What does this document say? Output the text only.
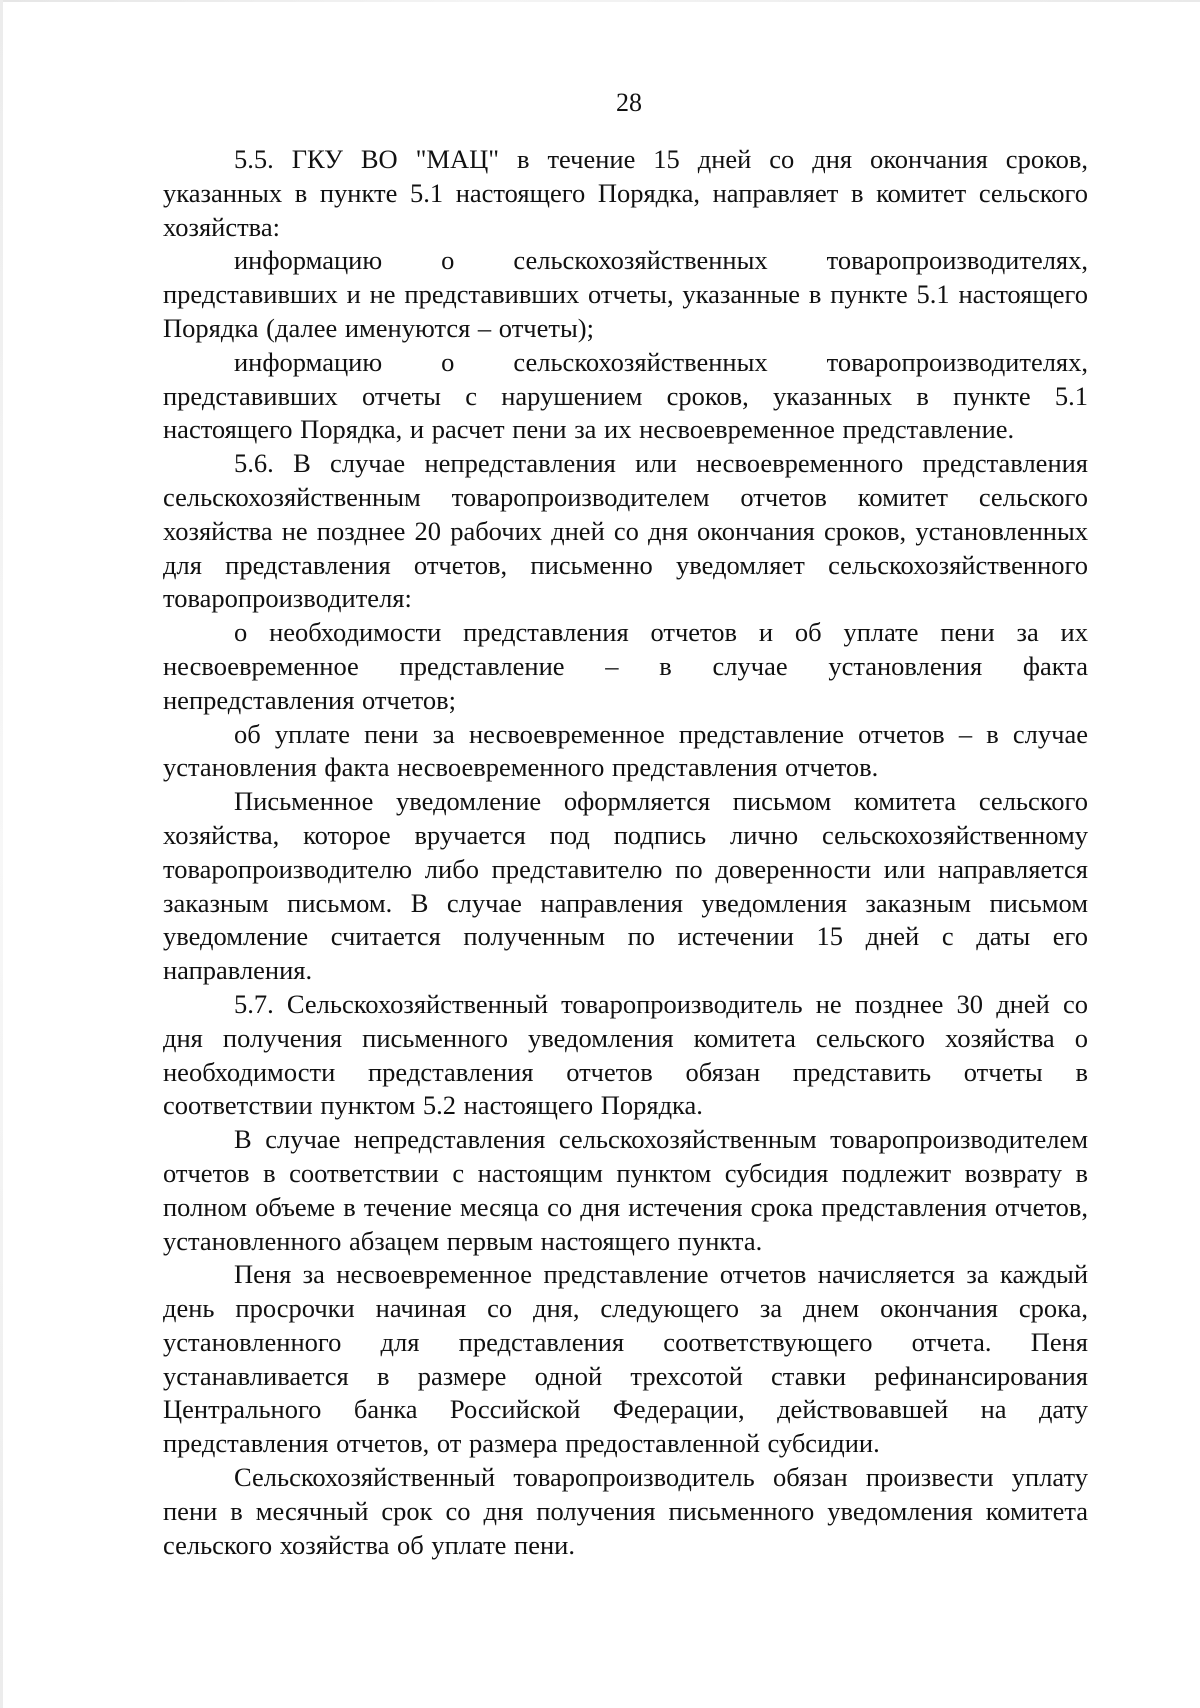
28

5.5. ГКУ ВО "МАЦ" в течение 15 дней со дня окончания сроков, указанных в пункте 5.1 настоящего Порядка, направляет в комитет сельского хозяйства:

информацию о сельскохозяйственных товаропроизводителях, представивших и не представивших отчеты, указанные в пункте 5.1 настоящего Порядка (далее именуются – отчеты);

информацию о сельскохозяйственных товаропроизводителях, представивших отчеты с нарушением сроков, указанных в пункте 5.1 настоящего Порядка, и расчет пени за их несвоевременное представление.

5.6. В случае непредставления или несвоевременного представления сельскохозяйственным товаропроизводителем отчетов комитет сельского хозяйства не позднее 20 рабочих дней со дня окончания сроков, установленных для представления отчетов, письменно уведомляет сельскохозяйственного товаропроизводителя:

о необходимости представления отчетов и об уплате пени за их несвоевременное представление – в случае установления факта непредставления отчетов;

об уплате пени за несвоевременное представление отчетов – в случае установления факта несвоевременного представления отчетов.

Письменное уведомление оформляется письмом комитета сельского хозяйства, которое вручается под подпись лично сельскохозяйственному товаропроизводителю либо представителю по доверенности или направляется заказным письмом. В случае направления уведомления заказным письмом уведомление считается полученным по истечении 15 дней с даты его направления.

5.7. Сельскохозяйственный товаропроизводитель не позднее 30 дней со дня получения письменного уведомления комитета сельского хозяйства о необходимости представления отчетов обязан представить отчеты в соответствии пунктом 5.2 настоящего Порядка.

В случае непредставления сельскохозяйственным товаропроизводителем отчетов в соответствии с настоящим пунктом субсидия подлежит возврату в полном объеме в течение месяца со дня истечения срока представления отчетов, установленного абзацем первым настоящего пункта.

Пеня за несвоевременное представление отчетов начисляется за каждый день просрочки начиная со дня, следующего за днем окончания срока, установленного для представления соответствующего отчета. Пеня устанавливается в размере одной трехсотой ставки рефинансирования Центрального банка Российской Федерации, действовавшей на дату представления отчетов, от размера предоставленной субсидии.

Сельскохозяйственный товаропроизводитель обязан произвести уплату пени в месячный срок со дня получения письменного уведомления комитета сельского хозяйства об уплате пени.
